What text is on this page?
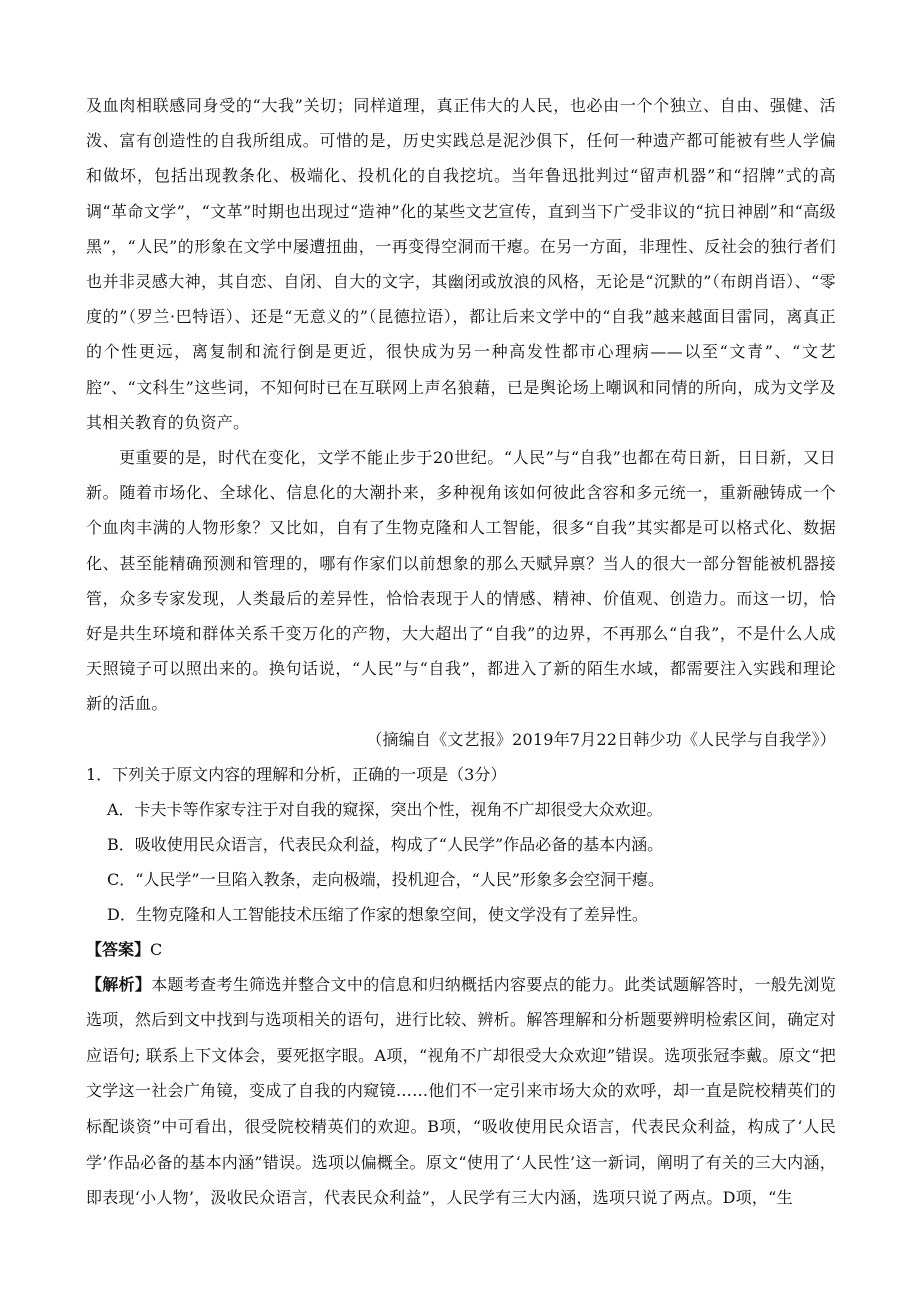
及血肉相联感同身受的“大我”关切；同样道理，真正伟大的人民，也必由一个个独立、自由、强健、活泼、富有创造性的自我所组成。可惜的是，历史实践总是泥沙俱下，任何一种遗产都可能被有些人学偏和做坏，包括出现教条化、极端化、投机化的自我挖坑。当年鲁迅批判过“留声机器”和“招牌”式的高调“革命文学”，“文革”时期也出现过“造神”化的某些文艺宣传，直到当下广受非议的“抗日神剧”和“高级黑”，“人民”的形象在文学中屡遭扭曲，一再变得空洞而干瘪。在另一方面，非理性、反社会的独行者们也并非灵感大神，其自恋、自闭、自大的文字，其幽闭或放浪的风格，无论是“沉默的”（布朗肖语）、“零度的”（罗兰·巴特语）、还是“无意义的”（昆德拉语），都让后来文学中的“自我”越来越面目雷同，离真正的个性更远，离复制和流行倒是更近，很快成为另一种高发性都市心理病——以至“文青”、“文艺腔”、“文科生”这些词，不知何时已在互联网上声名狼藉，已是舆论场上嘲讽和同情的所向，成为文学及其相关教育的负资产。

更重要的是，时代在变化，文学不能止步于20世纪。“人民”与“自我”也都在苟日新，日日新，又日新。随着市场化、全球化、信息化的大潮扑来，多种视角该如何彼此含容和多元统一，重新融铸成一个个血肉丰满的人物形象？又比如，自有了生物克隆和人工智能，很多“自我”其实都是可以格式化、数据化、甚至能精确预测和管理的，哪有作家们以前想象的那么天赋异禀？当人的很大一部分智能被机器接管，众多专家发现，人类最后的差异性，恰恰表现于人的情感、精神、价值观、创造力。而这一切，恰好是共生环境和群体关系千变万化的产物，大大超出了“自我”的边界，不再那么“自我”，不是什么人成天照镜子可以照出来的。换句话说，“人民”与“自我”，都进入了新的陌生水域，都需要注入实践和理论新的活血。

（摘编自《文艺报》2019年7月22日韩少功《人民学与自我学》）

1．下列关于原文内容的理解和分析，正确的一项是（3分）

A．卡夫卡等作家专注于对自我的窥探，突出个性，视角不广却很受大众欢迎。

B．吸收使用民众语言，代表民众利益，构成了“人民学”作品必备的基本内涵。

C．“人民学”一旦陷入教条，走向极端，投机迎合，“人民”形象多会空洞干瘪。

D．生物克隆和人工智能技术压缩了作家的想象空间，使文学没有了差异性。

【答案】C

【解析】本题考查考生筛选并整合文中的信息和归纳概括内容要点的能力。此类试题解答时，一般先浏览选项，然后到文中找到与选项相关的语句，进行比较、辨析。解答理解和分析题要辨明检索区间，确定对应语句; 联系上下文体会，要死抠字眼。A项，“视角不广却很受大众欢迎”错误。选项张冠李戴。原文“把文学这一社会广角镜，变成了自我的内窥镜……他们不一定引来市场大众的欢呼，却一直是院校精英们的标配谈资”中可看出，很受院校精英们的欢迎。B项，“吸收使用民众语言，代表民众利益，构成了‘人民学’作品必备的基本内涵”错误。选项以偏概全。原文“使用了‘人民性’这一新词，阐明了有关的三大内涵，即表现‘小人物’，汲收民众语言，代表民众利益”，人民学有三大内涵，选项只说了两点。D项，“生
